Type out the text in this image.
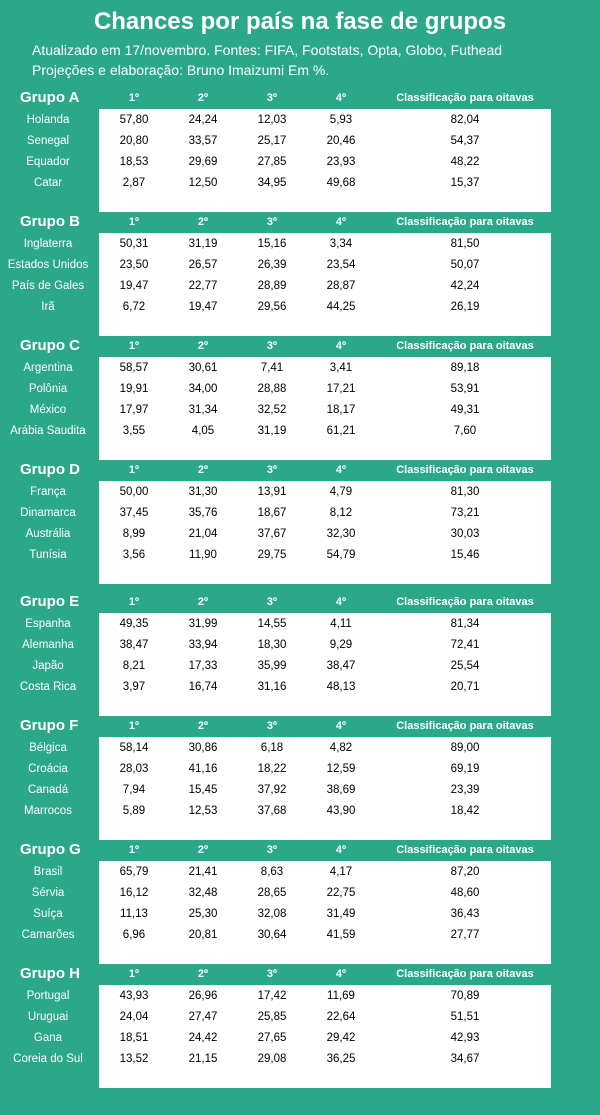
Chances por país na fase de grupos
Atualizado em 17/novembro. Fontes: FIFA, Footstats, Opta, Globo, Futhead
Projeções e elaboração: Bruno Imaizumi Em %.
Grupo A	1º	2º	3º	4º	Classificação para oitavas
Holanda	57,80	24,24	12,03	5,93	82,04
Senegal	20,80	33,57	25,17	20,46	54,37
Equador	18,53	29,69	27,85	23,93	48,22
Catar	2,87	12,50	34,95	49,68	15,37
Grupo B	1º	2º	3º	4º	Classificação para oitavas
Inglaterra	50,31	31,19	15,16	3,34	81,50
Estados Unidos	23,50	26,57	26,39	23,54	50,07
País de Gales	19,47	22,77	28,89	28,87	42,24
Irã	6,72	19,47	29,56	44,25	26,19
Grupo C	1º	2º	3º	4º	Classificação para oitavas
Argentina	58,57	30,61	7,41	3,41	89,18
Polônia	19,91	34,00	28,88	17,21	53,91
México	17,97	31,34	32,52	18,17	49,31
Arábia Saudita	3,55	4,05	31,19	61,21	7,60
Grupo D	1º	2º	3º	4º	Classificação para oitavas
França	50,00	31,30	13,91	4,79	81,30
Dinamarca	37,45	35,76	18,67	8,12	73,21
Austrália	8,99	21,04	37,67	32,30	30,03
Tunísia	3,56	11,90	29,75	54,79	15,46
Grupo E	1º	2º	3º	4º	Classificação para oitavas
Espanha	49,35	31,99	14,55	4,11	81,34
Alemanha	38,47	33,94	18,30	9,29	72,41
Japão	8,21	17,33	35,99	38,47	25,54
Costa Rica	3,97	16,74	31,16	48,13	20,71
Grupo F	1º	2º	3º	4º	Classificação para oitavas
Bélgica	58,14	30,86	6,18	4,82	89,00
Croácia	28,03	41,16	18,22	12,59	69,19
Canadá	7,94	15,45	37,92	38,69	23,39
Marrocos	5,89	12,53	37,68	43,90	18,42
Grupo G	1º	2º	3º	4º	Classificação para oitavas
Brasil	65,79	21,41	8,63	4,17	87,20
Sérvia	16,12	32,48	28,65	22,75	48,60
Suíça	11,13	25,30	32,08	31,49	36,43
Camarões	6,96	20,81	30,64	41,59	27,77
Grupo H	1º	2º	3º	4º	Classificação para oitavas
Portugal	43,93	26,96	17,42	11,69	70,89
Uruguai	24,04	27,47	25,85	22,64	51,51
Gana	18,51	24,42	27,65	29,42	42,93
Coreia do Sul	13,52	21,15	29,08	36,25	34,67
